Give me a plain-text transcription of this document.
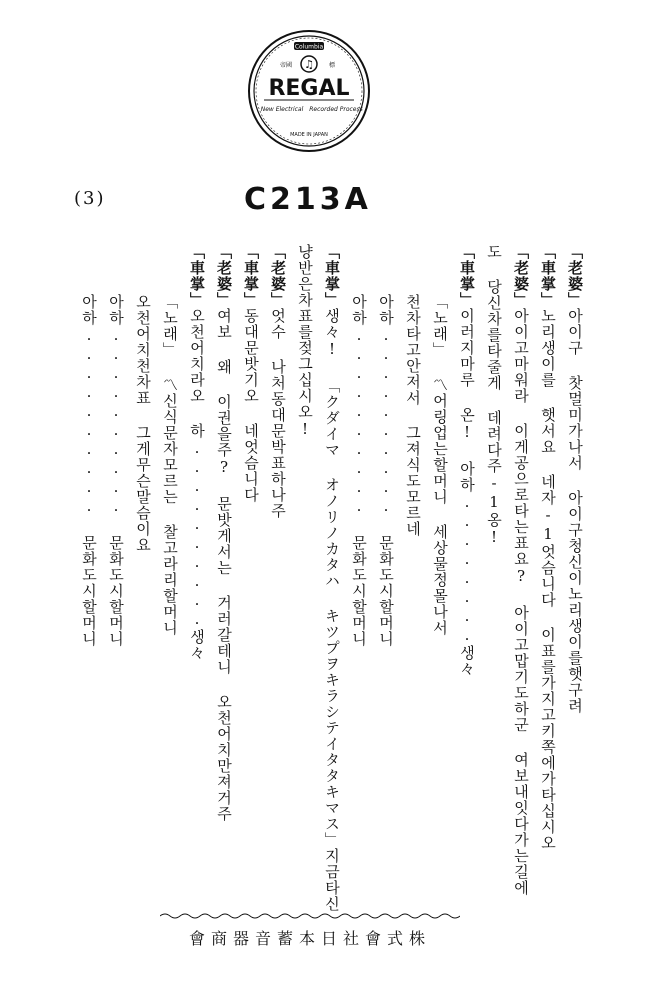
Columbia
♫
帝國	標
REGAL
New Electrical Recorded Process
MADE IN JAPAN
(3)	C213A
「老婆」아이구 찻멀미가나서 아이구청신이노리생이를햇구려
「車掌」노리생이를 햇서요 네자-1엇슴니다 이표를가지고키쪽에가타십시오
「老婆」아이고마워라 이게공으로타는표요? 아이고맙기도하군 여보내잇다가는길에
도 당신차를타줄게 데려다주-1옹!
「車掌」이러지마루 온! 아하........생々
「노래」 〽어링업는할머니 세상물정몰나서
천차타고안저서 그져식도모르네
아하.......... 문화도시할머니
아하.......... 문화도시할머니
「車掌」생々! 「クダイマ オノリノカタハ キツプヲキラシテイタタキマス」지금타신
냥반은차표를젖그십시오!
「老婆」엇수 나처동대문박표하나주
「車掌」동대문밧기오 네엇슴니다
「老婆」여보 왜 이권을주? 문밧게서는 거러갈테니 오천어치만져거주
「車掌」오천어치라오 하..........생々
「노래」 〽신식문자모르는 찰고라리할머니
오천어치천차표 그게무슨말슴이요
아하.......... 문화도시할머니
아하.......... 문화도시할머니
株式會社日本蓄音器商會
